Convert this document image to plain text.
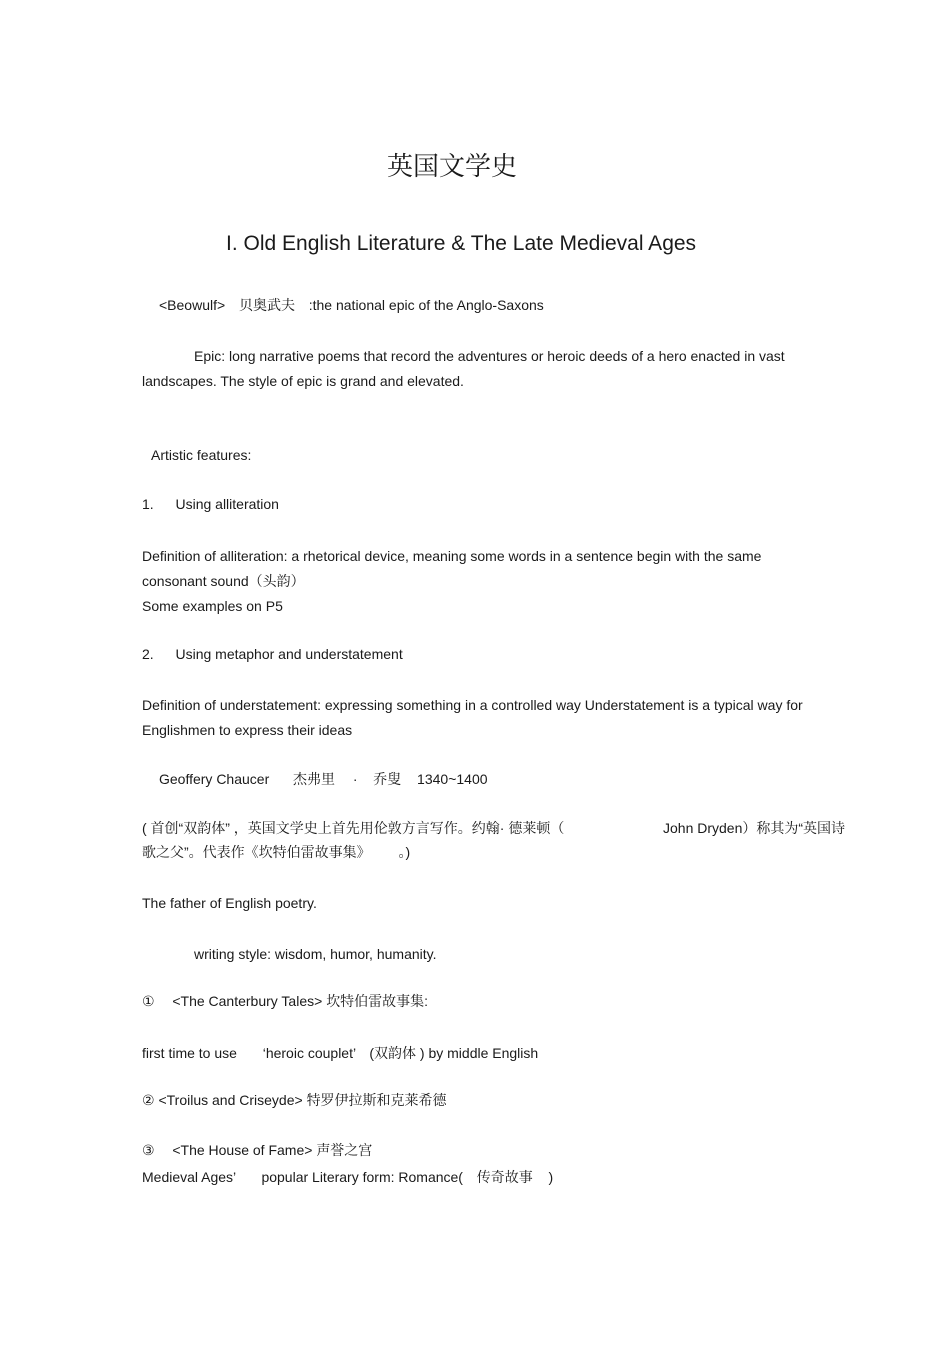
英国文学史
I. Old English Literature & The Late Medieval Ages
<Beowulf> 贝奥武夫 :the national epic of the Anglo-Saxons
Epic: long narrative poems that record the adventures or heroic deeds of a hero enacted in vast
landscapes. The style of epic is grand and elevated.
Artistic features:
1. Using alliteration
Definition of alliteration: a rhetorical device, meaning some words in a sentence begin with the same
consonant sound（头韵）
Some examples on P5
2. Using metaphor and understatement
Definition of understatement: expressing something in a controlled way Understatement is a typical way for
Englishmen to express their ideas
Geoffery Chaucer 杰弗里 · 乔叟 1340~1400
( 首创“双韵体” ，英国文学史上首先用伦敦方言写作。约翰· 德莱顿（	John Dryden）称其为“英国诗
歌之父”。代表作《坎特伯雷故事集》 。)
The father of English poetry.
writing style: wisdom, humor, humanity.
① <The Canterbury Tales> 坎特伯雷故事集:
first time to use ‘heroic couplet’ (双韵体 ) by middle English
② <Troilus and Criseyde> 特罗伊拉斯和克莱希德
③ <The House of Fame> 声誉之宫
Medieval Ages’ popular Literary form: Romance( 传奇故事 )
